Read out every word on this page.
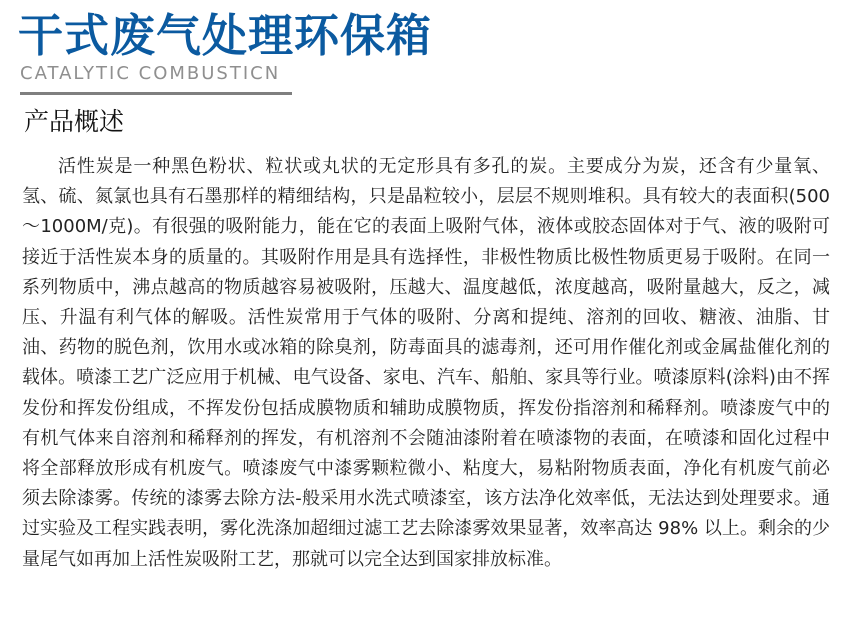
干式废气处理环保箱
CATALYTIC COMBUSTICN
产品概述
活性炭是一种黑色粉状、粒状或丸状的无定形具有多孔的炭。主要成分为炭，还含有少量氧、氢、硫、氮氯也具有石墨那样的精细结构，只是晶粒较小，层层不规则堆积。具有较大的表面积(500～1000M/克)。有很强的吸附能力，能在它的表面上吸附气体，液体或胶态固体对于气、液的吸附可接近于活性炭本身的质量的。其吸附作用是具有选择性，非极性物质比极性物质更易于吸附。在同一系列物质中，沸点越高的物质越容易被吸附，压越大、温度越低，浓度越高，吸附量越大，反之，减压、升温有利气体的解吸。活性炭常用于气体的吸附、分离和提纯、溶剂的回收、糖液、油脂、甘油、药物的脱色剂，饮用水或冰箱的除臭剂，防毒面具的滤毒剂，还可用作催化剂或金属盐催化剂的载体。喷漆工艺广泛应用于机械、电气设备、家电、汽车、船舶、家具等行业。喷漆原料(涂料)由不挥发份和挥发份组成，不挥发份包括成膜物质和辅助成膜物质，挥发份指溶剂和稀释剂。喷漆废气中的有机气体来自溶剂和稀释剂的挥发，有机溶剂不会随油漆附着在喷漆物的表面，在喷漆和固化过程中将全部释放形成有机废气。喷漆废气中漆雾颗粒微小、粘度大，易粘附物质表面，净化有机废气前必须去除漆雾。传统的漆雾去除方法-般采用水洗式喷漆室，该方法净化效率低，无法达到处理要求。通过实验及工程实践表明，雾化洗涤加超细过滤工艺去除漆雾效果显著，效率高达 98% 以上。剩余的少量尾气如再加上活性炭吸附工艺，那就可以完全达到国家排放标准。
